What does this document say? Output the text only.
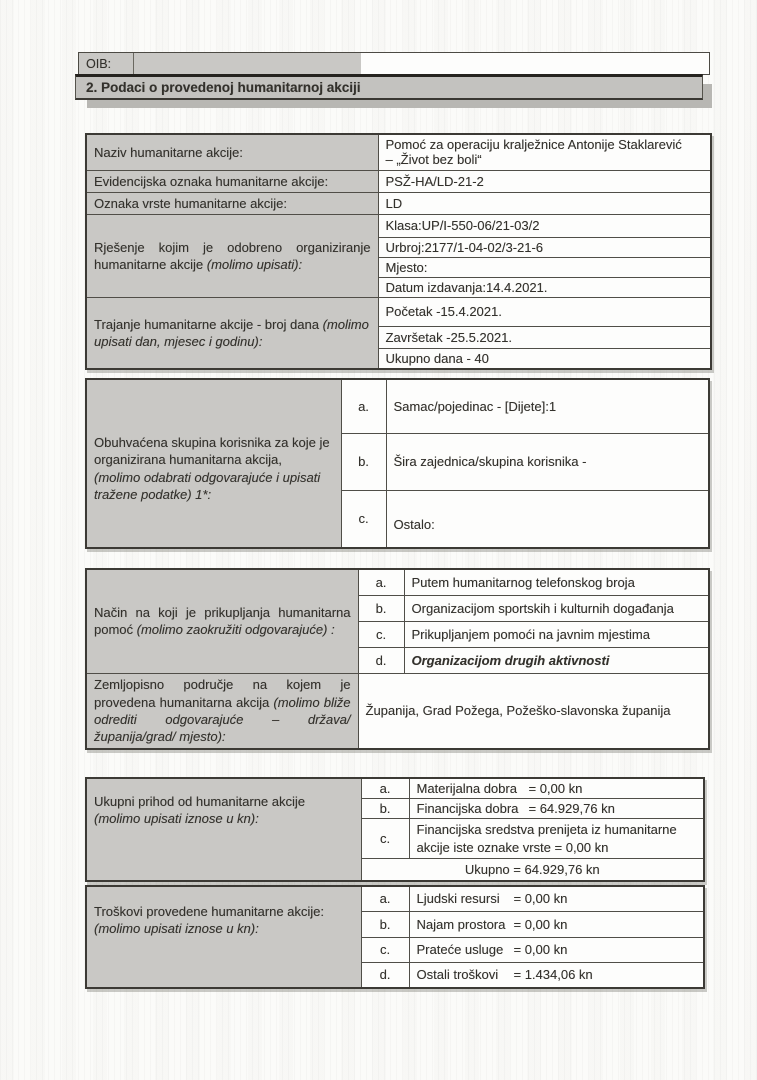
OIB:
2. Podaci o provedenoj humanitarnoj akciji
Naziv humanitarne akcije:	Pomoć za operaciju kralježnice Antonije Staklarević
– „Život bez boli“

Evidencijska oznaka humanitarne akcije:	PSŽ-HA/LD-21-2
Oznaka vrste humanitarne akcije:	LD
Rješenje kojim je odobreno organiziranje humanitarne akcije (molimo upisati):	Klasa:UP/I-550-06/21-03/2
	Urbroj:2177/1-04-02/3-21-6
	Mjesto:
	Datum izdavanja:14.4.2021.
Trajanje humanitarne akcije - broj dana (molimo upisati dan, mjesec i godinu):	Početak -15.4.2021.
	Završetak -25.5.2021.
	Ukupno dana - 40
Obuhvaćena skupina korisnika za koje je organizirana humanitarna akcija,
(molimo odabrati odgovarajuće i upisati tražene podatke) 1*:	a.	Samac/pojedinac - [Dijete]:1
	b.	Šira zajednica/skupina korisnika -
	c.	Ostalo:
Način na koji je prikupljanja humanitarna pomoć (molimo zaokružiti odgovarajuće) :	a.	Putem humanitarnog telefonskog broja
	b.	Organizacijom sportskih i kulturnih događanja
	c.	Prikupljanjem pomoći na javnim mjestima
	d.	Organizacijom drugih aktivnosti
Zemljopisno područje na kojem je provedena humanitarna akcija (molimo bliže odrediti odgovarajuće – država/županija/grad/ mjesto):	Županija, Grad Požega, Požeško-slavonska županija	
Ukupni prihod od humanitarne akcije
(molimo upisati iznose u kn):	a.	Materijalna dobra = 0,00 kn

	b.	Financijska dobra = 64.929,76 kn

	c.	Financijska sredstva prenijeta iz humanitarne akcije iste oznake vrste = 0,00 kn
	Ukupno = 64.929,76 kn	
Troškovi provedene humanitarne akcije:
(molimo upisati iznose u kn):	a.	Ljudski resursi = 0,00 kn

	b.	Najam prostora = 0,00 kn

	c.	Prateće usluge = 0,00 kn

	d.	Ostali troškovi = 1.434,06 kn
